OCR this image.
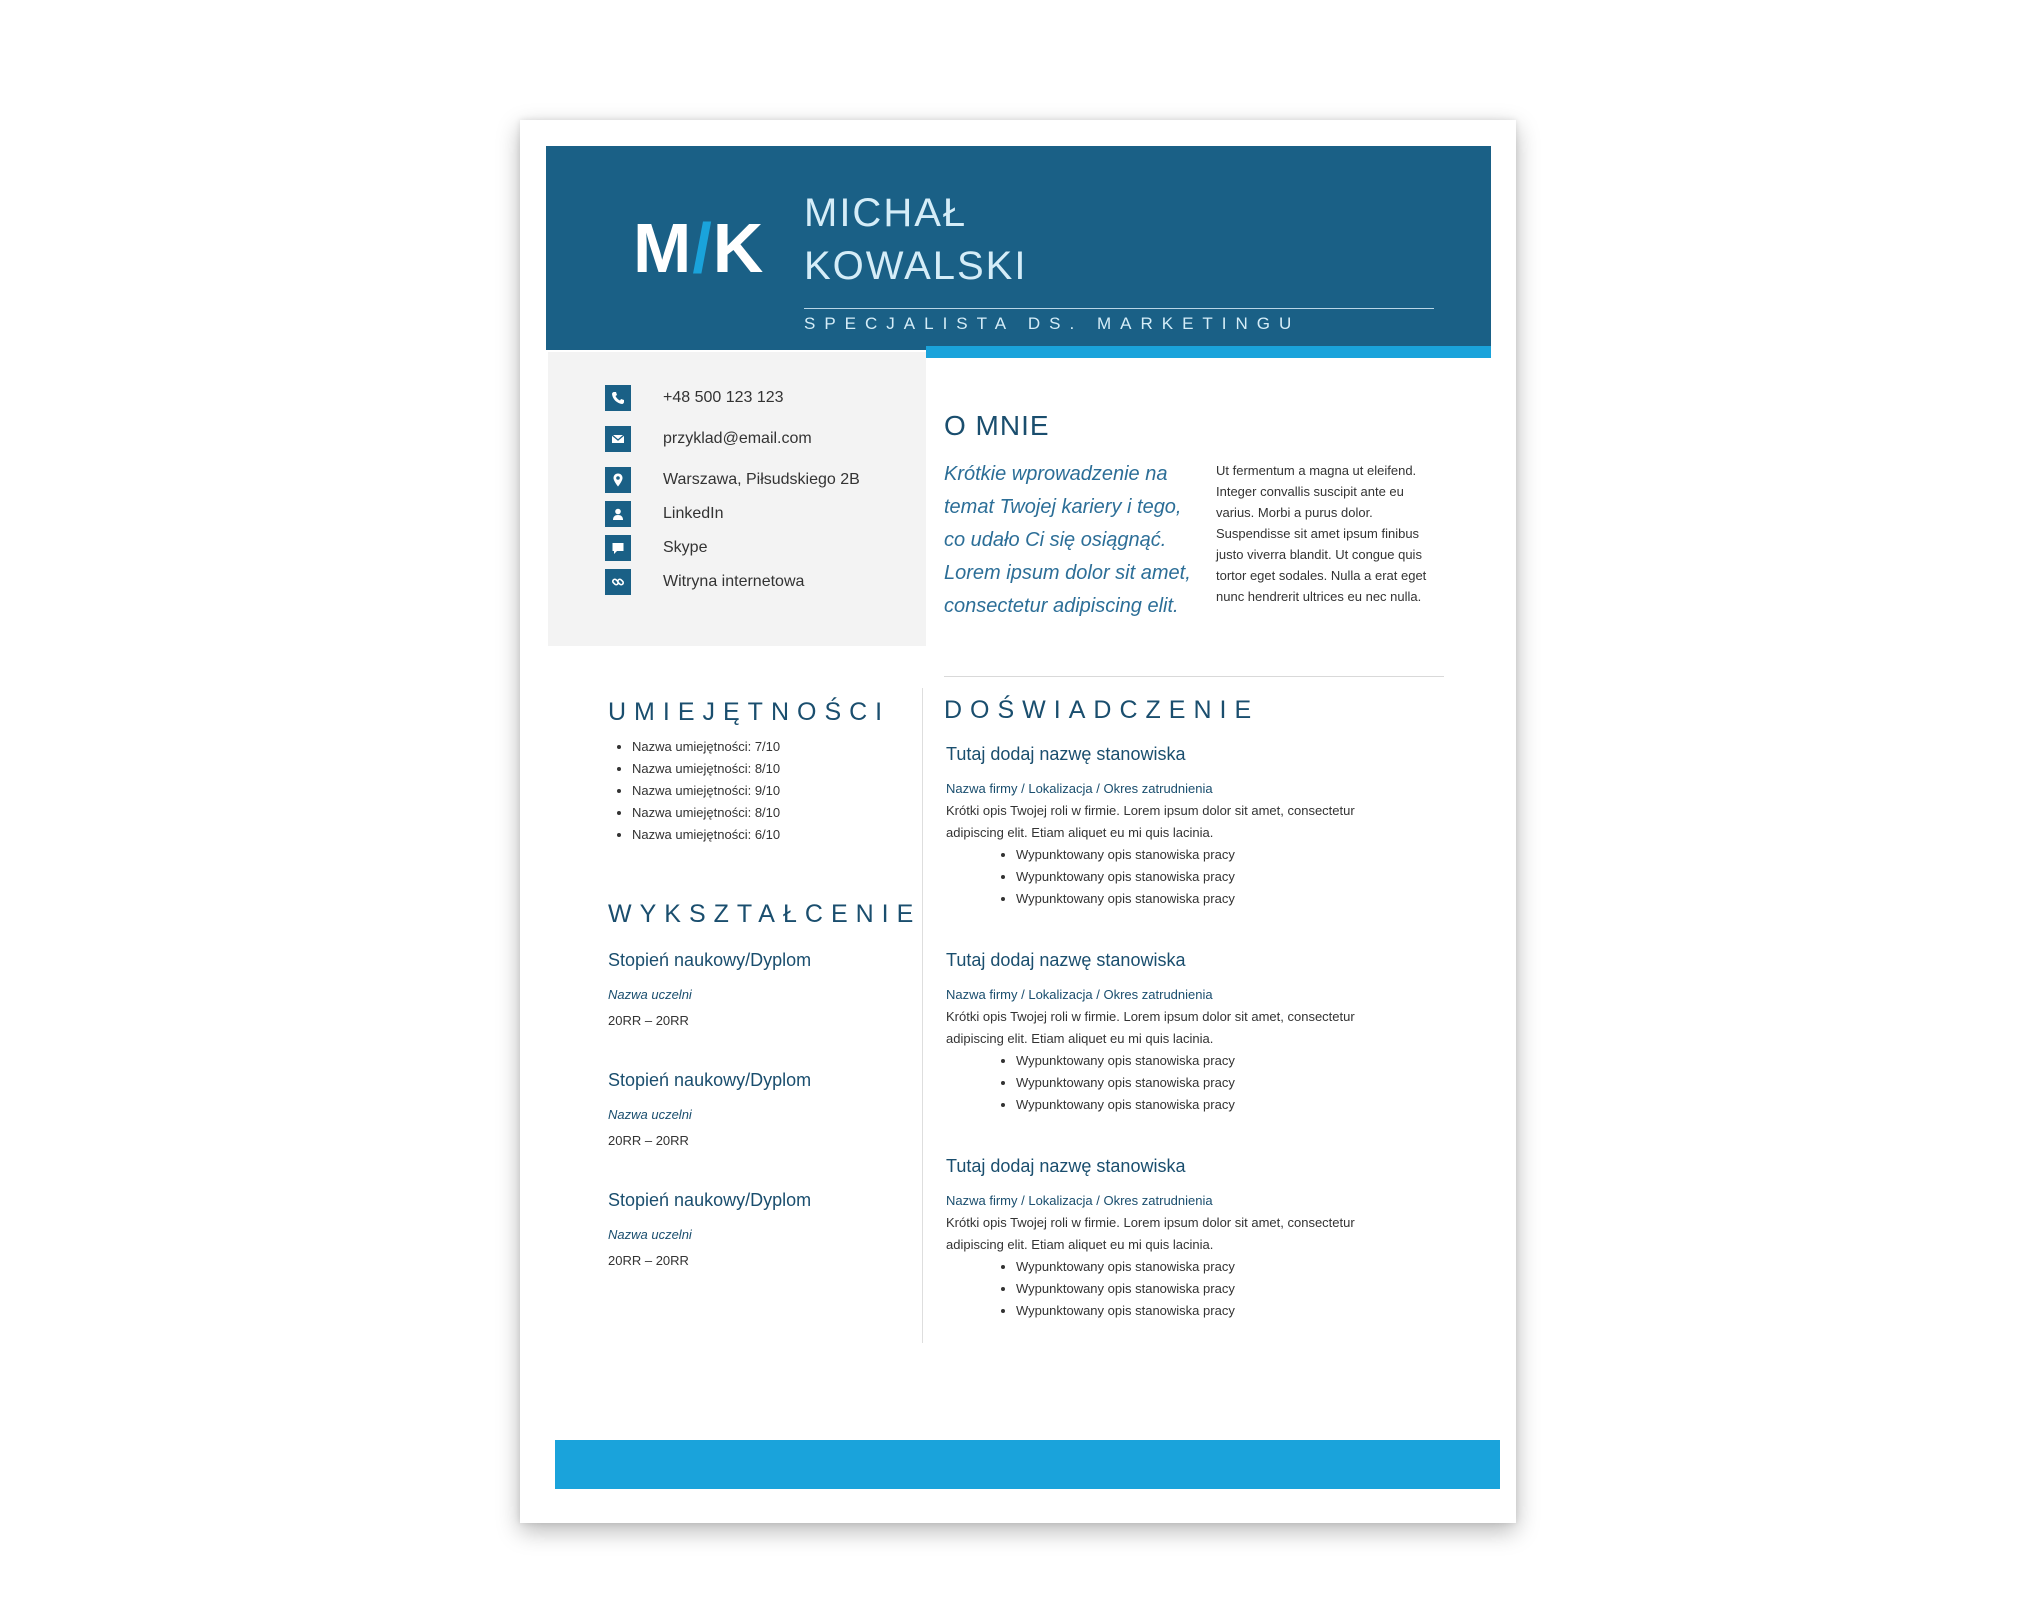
M/K MICHAŁ
KOWALSKI
SPECJALISTA DS. MARKETINGU
+48 500 123 123
przyklad@email.com
Warszawa, Piłsudskiego 2B
LinkedIn
Skype
Witryna internetowa
O MNIE
Krótkie wprowadzenie na temat Twojej kariery i tego, co udało Ci się osiągnąć. Lorem ipsum dolor sit amet, consectetur adipiscing elit.
Ut fermentum a magna ut eleifend. Integer convallis suscipit ante eu varius. Morbi a purus dolor. Suspendisse sit amet ipsum finibus justo viverra blandit. Ut congue quis tortor eget sodales. Nulla a erat eget nunc hendrerit ultrices eu nec nulla.
UMIEJĘTNOŚCI
• Nazwa umiejętności: 7/10
• Nazwa umiejętności: 8/10
• Nazwa umiejętności: 9/10
• Nazwa umiejętności: 8/10
• Nazwa umiejętności: 6/10
WYKSZTAŁCENIE
Stopień naukowy/Dyplom
Nazwa uczelni
20RR – 20RR
Stopień naukowy/Dyplom
Nazwa uczelni
20RR – 20RR
Stopień naukowy/Dyplom
Nazwa uczelni
20RR – 20RR
DOŚWIADCZENIE
Tutaj dodaj nazwę stanowiska
Nazwa firmy / Lokalizacja / Okres zatrudnienia
Krótki opis Twojej roli w firmie. Lorem ipsum dolor sit amet, consectetur adipiscing elit. Etiam aliquet eu mi quis lacinia.
• Wypunktowany opis stanowiska pracy
• Wypunktowany opis stanowiska pracy
• Wypunktowany opis stanowiska pracy
Tutaj dodaj nazwę stanowiska
Nazwa firmy / Lokalizacja / Okres zatrudnienia
Krótki opis Twojej roli w firmie. Lorem ipsum dolor sit amet, consectetur adipiscing elit. Etiam aliquet eu mi quis lacinia.
• Wypunktowany opis stanowiska pracy
• Wypunktowany opis stanowiska pracy
• Wypunktowany opis stanowiska pracy
Tutaj dodaj nazwę stanowiska
Nazwa firmy / Lokalizacja / Okres zatrudnienia
Krótki opis Twojej roli w firmie. Lorem ipsum dolor sit amet, consectetur adipiscing elit. Etiam aliquet eu mi quis lacinia.
• Wypunktowany opis stanowiska pracy
• Wypunktowany opis stanowiska pracy
• Wypunktowany opis stanowiska pracy
